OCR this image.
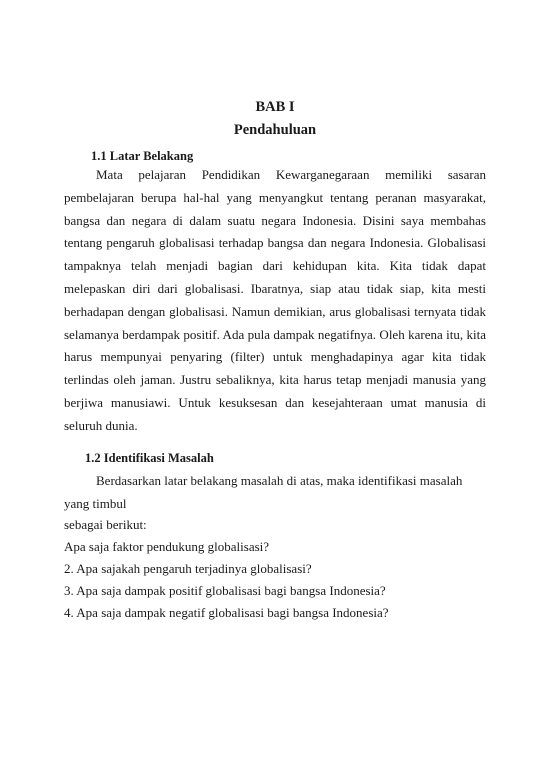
BAB I
Pendahuluan
1.1 Latar Belakang

Mata pelajaran Pendidikan Kewarganegaraan memiliki sasaran pembelajaran berupa hal-hal yang menyangkut tentang peranan masyarakat, bangsa dan negara di dalam suatu negara Indonesia. Disini saya membahas tentang pengaruh globalisasi terhadap bangsa dan negara Indonesia. Globalisasi tampaknya telah menjadi bagian dari kehidupan kita. Kita tidak dapat melepaskan diri dari globalisasi. Ibaratnya, siap atau tidak siap, kita mesti berhadapan dengan globalisasi. Namun demikian, arus globalisasi ternyata tidak selamanya berdampak positif. Ada pula dampak negatifnya. Oleh karena itu, kita harus mempunyai penyaring (filter) untuk menghadapinya agar kita tidak terlindas oleh jaman. Justru sebaliknya, kita harus tetap menjadi manusia yang berjiwa manusiawi. Untuk kesuksesan dan kesejahteraan umat manusia di seluruh dunia.

1.2 Identifikasi Masalah

Berdasarkan latar belakang masalah di atas, maka identifikasi masalah yang timbul

sebagai berikut:
Apa saja faktor pendukung globalisasi?
2. Apa sajakah pengaruh terjadinya globalisasi?
3. Apa saja dampak positif globalisasi bagi bangsa Indonesia?
4. Apa saja dampak negatif globalisasi bagi bangsa Indonesia?
